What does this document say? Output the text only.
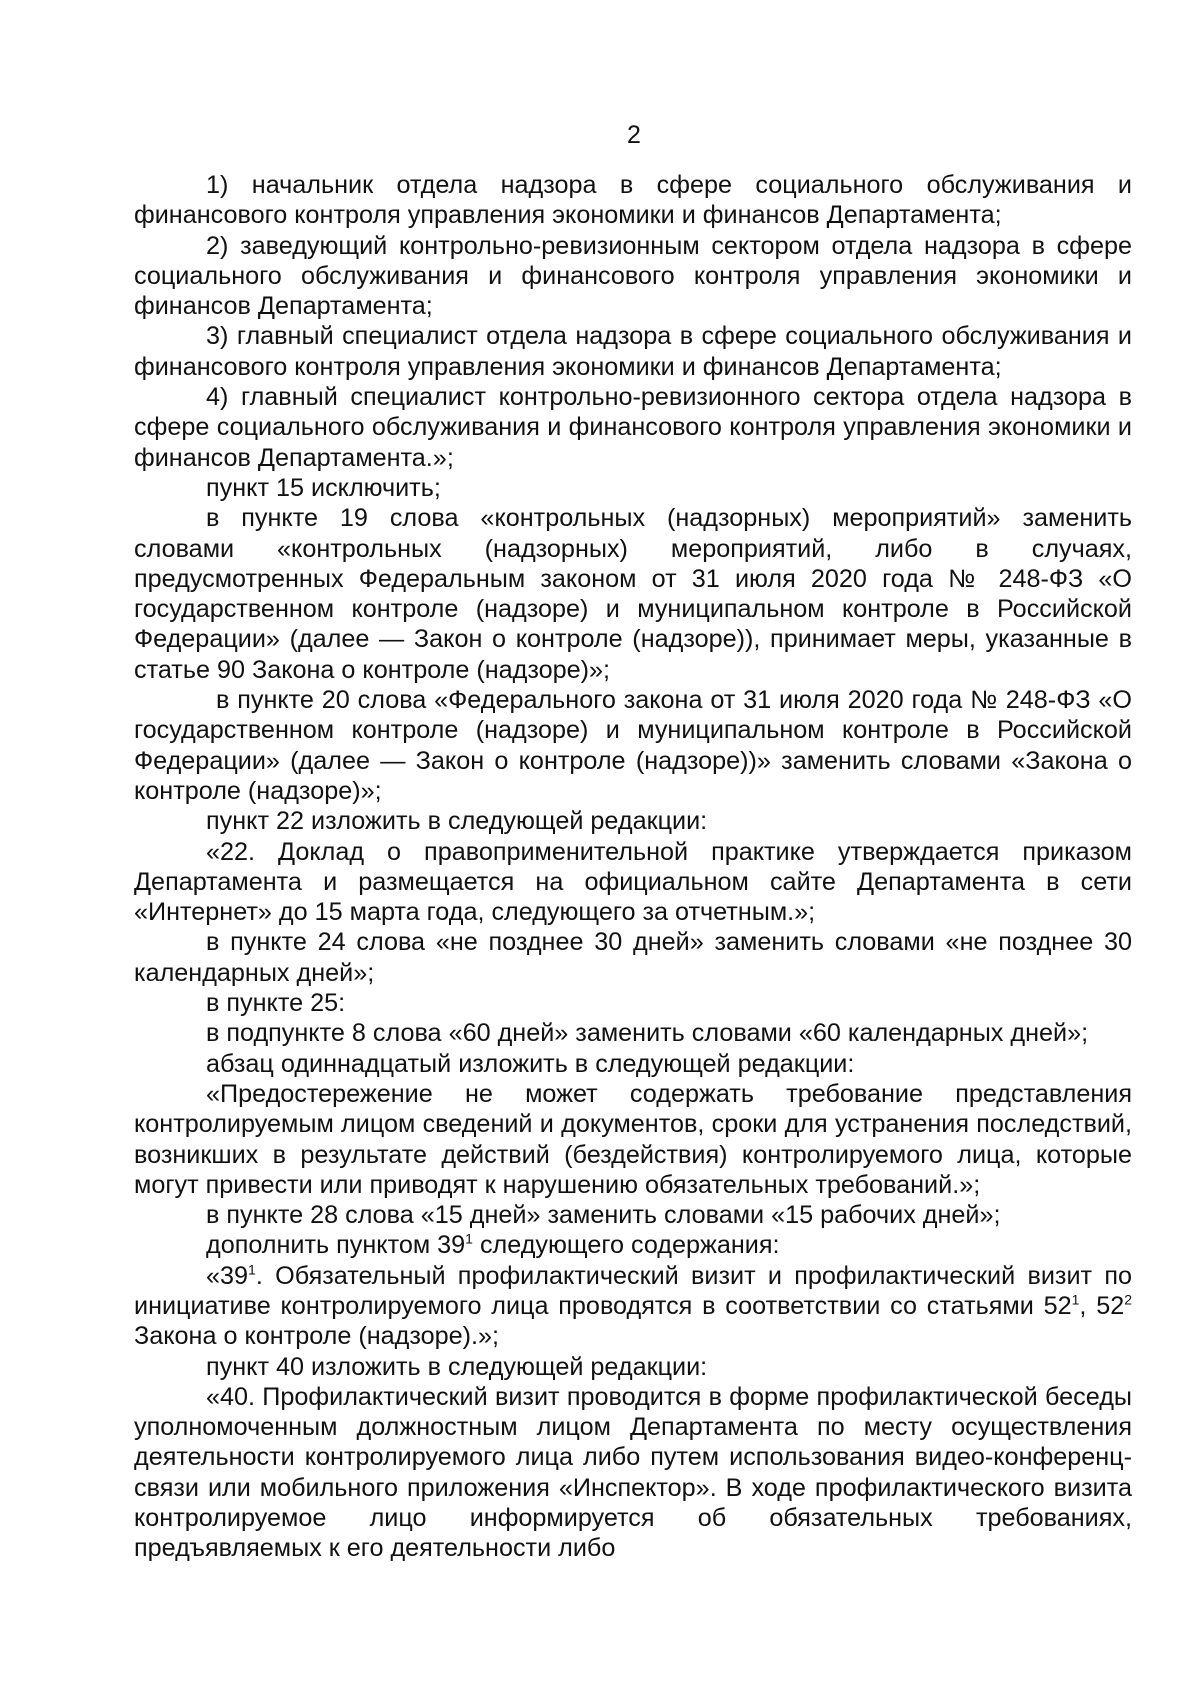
2

1) начальник отдела надзора в сфере социального обслуживания и финансового контроля управления экономики и финансов Департамента;

2) заведующий контрольно-ревизионным сектором отдела надзора в сфере социального обслуживания и финансового контроля управления экономики и финансов Департамента;

3) главный специалист отдела надзора в сфере социального обслуживания и финансового контроля управления экономики и финансов Департамента;

4) главный специалист контрольно-ревизионного сектора отдела надзора в сфере социального обслуживания и финансового контроля управления экономики и финансов Департамента.»;

пункт 15 исключить;

в пункте 19 слова «контрольных (надзорных) мероприятий» заменить словами «контрольных (надзорных) мероприятий, либо в случаях, предусмотренных Федеральным законом от 31 июля 2020 года № 248-ФЗ «О государственном контроле (надзоре) и муниципальном контроле в Российской Федерации» (далее — Закон о контроле (надзоре)), принимает меры, указанные в статье 90 Закона о контроле (надзоре)»;

в пункте 20 слова «Федерального закона от 31 июля 2020 года № 248-ФЗ «О государственном контроле (надзоре) и муниципальном контроле в Российской Федерации» (далее — Закон о контроле (надзоре))» заменить словами «Закона о контроле (надзоре)»;

пункт 22 изложить в следующей редакции:

«22. Доклад о правоприменительной практике утверждается приказом Департамента и размещается на официальном сайте Департамента в сети «Интернет» до 15 марта года, следующего за отчетным.»;

в пункте 24 слова «не позднее 30 дней» заменить словами «не позднее 30 календарных дней»;

в пункте 25:

в подпункте 8 слова «60 дней» заменить словами «60 календарных дней»;

абзац одиннадцатый изложить в следующей редакции:

«Предостережение не может содержать требование представления контролируемым лицом сведений и документов, сроки для устранения последствий, возникших в результате действий (бездействия) контролируемого лица, которые могут привести или приводят к нарушению обязательных требований.»;

в пункте 28 слова «15 дней» заменить словами «15 рабочих дней»;

дополнить пунктом $39^1$ следующего содержания:

«$39^1$. Обязательный профилактический визит и профилактический визит по инициативе контролируемого лица проводятся в соответствии со статьями $52^1$, $52^2$ Закона о контроле (надзоре).»;

пункт 40 изложить в следующей редакции:

«40. Профилактический визит проводится в форме профилактической беседы уполномоченным должностным лицом Департамента по месту осуществления деятельности контролируемого лица либо путем использования видео-конференц-связи или мобильного приложения «Инспектор». В ходе профилактического визита контролируемое лицо информируется об обязательных требованиях, предъявляемых к его деятельности либо
